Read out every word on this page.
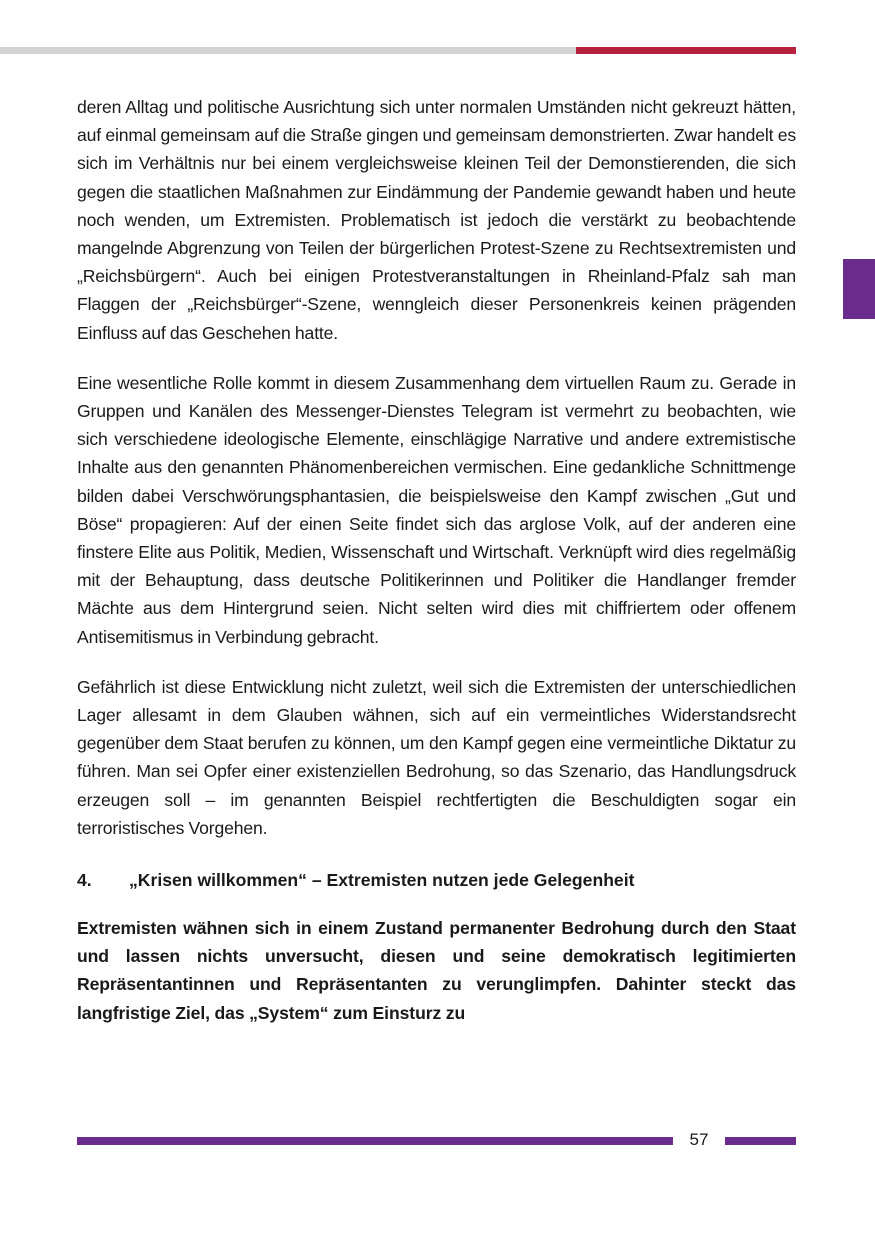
deren Alltag und politische Ausrichtung sich unter normalen Umständen nicht gekreuzt hätten, auf einmal gemeinsam auf die Straße gingen und gemeinsam demonstrierten. Zwar handelt es sich im Verhältnis nur bei einem vergleichsweise kleinen Teil der Demonstierenden, die sich gegen die staatlichen Maßnahmen zur Eindämmung der Pandemie gewandt haben und heute noch wenden, um Extremisten. Problematisch ist jedoch die verstärkt zu beobachtende mangelnde Abgrenzung von Teilen der bürgerlichen Protest-Szene zu Rechtsextremisten und „Reichsbürgern“. Auch bei einigen Protestveranstaltungen in Rheinland-Pfalz sah man Flaggen der „Reichsbürger“-Szene, wenngleich dieser Personenkreis keinen prägenden Einfluss auf das Geschehen hatte.

Eine wesentliche Rolle kommt in diesem Zusammenhang dem virtuellen Raum zu. Gerade in Gruppen und Kanälen des Messenger-Dienstes Telegram ist vermehrt zu beobachten, wie sich verschiedene ideologische Elemente, einschlägige Narrative und andere extremistische Inhalte aus den genannten Phänomenbereichen vermischen. Eine gedankliche Schnittmenge bilden dabei Verschwörungsphantasien, die beispielsweise den Kampf zwischen „Gut und Böse“ propagieren: Auf der einen Seite findet sich das arglose Volk, auf der anderen eine finstere Elite aus Politik, Medien, Wissenschaft und Wirtschaft. Verknüpft wird dies regelmäßig mit der Behauptung, dass deutsche Politikerinnen und Politiker die Handlanger fremder Mächte aus dem Hintergrund seien. Nicht selten wird dies mit chiffriertem oder offenem Antisemitismus in Verbindung gebracht.

Gefährlich ist diese Entwicklung nicht zuletzt, weil sich die Extremisten der unterschiedlichen Lager allesamt in dem Glauben wähnen, sich auf ein vermeintliches Widerstandsrecht gegenüber dem Staat berufen zu können, um den Kampf gegen eine vermeintliche Diktatur zu führen. Man sei Opfer einer existenziellen Bedrohung, so das Szenario, das Handlungsdruck erzeugen soll – im genannten Beispiel rechtfertigten die Beschuldigten sogar ein terroristisches Vorgehen.

4.	„Krisen willkommen“ – Extremisten nutzen jede Gelegenheit

Extremisten wähnen sich in einem Zustand permanenter Bedrohung durch den Staat und lassen nichts unversucht, diesen und seine demokratisch legitimierten Repräsentantinnen und Repräsentanten zu verunglimpfen. Dahinter steckt das langfristige Ziel, das „System“ zum Einsturz zu

57
